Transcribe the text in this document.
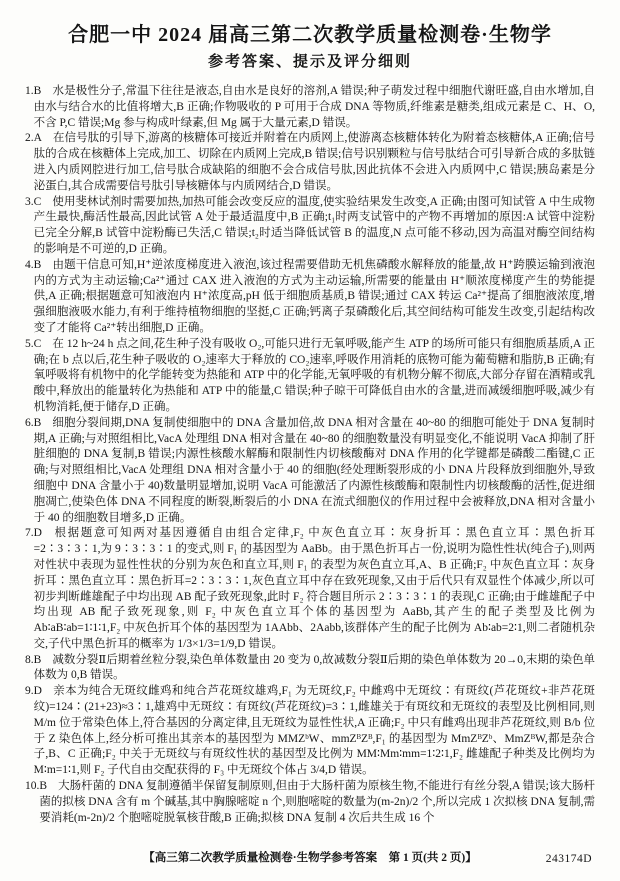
合肥一中 2024 届高三第二次教学质量检测卷·生物学
参考答案、提示及评分细则
1. B 水是极性分子,常温下往往是液态,自由水是良好的溶剂,A 错误;种子萌发过程中细胞代谢旺盛,自由水增加,自由水与结合水的比值将增大,B 正确;作物吸收的 P 可用于合成 DNA 等物质,纤维素是糖类,组成元素是 C、H、O,不含 P,C 错误;Mg 参与构成叶绿素,但 Mg 属于大量元素,D 错误。
2. A 在信号肽的引导下,游离的核糖体可接近并附着在内质网上,使游离态核糖体转化为附着态核糖体,A 正确;信号肽的合成在核糖体上完成,加工、切除在内质网上完成,B 错误;信号识别颗粒与信号肽结合可引导新合成的多肽链进入内质网腔进行加工,信号肽合成缺陷的细胞不会合成信号肽,因此抗体不会进入内质网中,C 错误;胰岛素是分泌蛋白,其合成需要信号肽引导核糖体与内质网结合,D 错误。
3. C 使用斐林试剂时需要加热,加热可能会改变反应的温度,使实验结果发生改变,A 正确;由图可知试管 A 中生成物产生最快,酶活性最高,因此试管 A 处于最适温度中,B 正确;t₁时两支试管中的产物不再增加的原因:A 试管中淀粉已完全分解,B 试管中淀粉酶已失活,C 错误;t₂时适当降低试管 B 的温度,N 点可能不移动,因为高温对酶空间结构的影响是不可逆的,D 正确。
4. B 由题干信息可知,H⁺逆浓度梯度进入液泡,该过程需要借助无机焦磷酸水解释放的能量,故 H⁺跨膜运输到液泡内的方式为主动运输;Ca²⁺通过 CAX 进入液泡的方式为主动运输,所需要的能量由 H⁺顺浓度梯度产生的势能提供,A 正确;根据题意可知液泡内 H⁺浓度高,pH 低于细胞质基质,B 错误;通过 CAX 转运 Ca²⁺提高了细胞液浓度,增强细胞液吸水能力,有利于维持植物细胞的坚挺,C 正确;钙离子泵磷酸化后,其空间结构可能发生改变,引起结构改变了才能将 Ca²⁺转出细胞,D 正确。
5. C 在 12 h~24 h 点之间,花生种子没有吸收 O₂,可能只进行无氧呼吸,能产生 ATP 的场所可能只有细胞质基质,A 正确;在 b 点以后,花生种子吸收的 O₂速率大于释放的 CO₂速率,呼吸作用消耗的底物可能为葡萄糖和脂肪,B 正确;有氧呼吸将有机物中的化学能转变为热能和 ATP 中的化学能,无氧呼吸的有机物分解不彻底,大部分存留在酒精或乳酸中,释放出的能量转化为热能和 ATP 中的能量,C 错误;种子晾干可降低自由水的含量,进而减缓细胞呼吸,减少有机物消耗,便于储存,D 正确。
6. B 细胞分裂间期,DNA 复制使细胞中的 DNA 含量加倍,故 DNA 相对含量在 40~80 的细胞可能处于 DNA 复制时期,A 正确;与对照组相比,VacA 处理组 DNA 相对含量在 40~80 的细胞数量没有明显变化,不能说明 VacA 抑制了肝脏细胞的 DNA 复制,B 错误;内源性核酸水解酶和限制性内切核酸酶对 DNA 作用的化学键都是磷酸二酯键,C 正确;与对照组相比,VacA 处理组 DNA 相对含量小于 40 的细胞(经处理断裂形成的小 DNA 片段释放到细胞外,导致细胞中 DNA 含量小于 40)数量明显增加,说明 VacA 可能激活了内源性核酸酶和限制性内切核酸酶的活性,促进细胞凋亡,使染色体 DNA 不同程度的断裂,断裂后的小 DNA 在流式细胞仪的作用过程中会被释放,DNA 相对含量小于 40 的细胞数目增多,D 正确。
7. D 根据题意可知两对基因遵循自由组合定律,F₂ 中灰色直立耳∶灰身折耳∶黑色直立耳∶黑色折耳=2∶3∶3∶1,为 9∶3∶3∶1 的变式,则 F₁ 的基因型为 AaBb。由于黑色折耳占一份,说明为隐性性状(纯合子),则两对性状中表现为显性性状的分别为灰色和直立耳,则 F₁ 的表型为灰色直立耳,A、B 正确;F₂ 中灰色直立耳∶灰身折耳∶黑色直立耳∶黑色折耳=2∶3∶3∶1,灰色直立耳中存在致死现象,又由于后代只有双显性个体减少,所以可初步判断雌雄配子中均出现 AB 配子致死现象,此时 F₂ 符合题目所示 2∶3∶3∶1 的表现,C 正确;由于雌雄配子中均出现 AB 配子致死现象,则 F₂ 中灰色直立耳个体的基因型为 AaBb,其产生的配子类型及比例为 Ab∶aB∶ab=1∶1∶1,F₂ 中灰色折耳个体的基因型为 1AAbb、2Aabb,该群体产生的配子比例为 Ab∶ab=2∶1,则二者随机杂交,子代中黑色折耳的概率为 1/3×1/3=1/9,D 错误。
8. B 减数分裂Ⅱ后期着丝粒分裂,染色单体数量由 20 变为 0,故减数分裂Ⅱ后期的染色单体数为 20→0,末期的染色单体数为 0,B 错误。
9. D 亲本为纯合无斑纹雌鸡和纯合芦花斑纹雄鸡,F₁ 为无斑纹,F₂ 中雌鸡中无斑纹∶有斑纹(芦花斑纹+非芦花斑纹)=124∶(21+23)≈3∶1,雄鸡中无斑纹∶有斑纹(芦花斑纹)=3∶1,雌雄关于有斑纹和无斑纹的表型及比例相同,则 M/m 位于常染色体上,符合基因的分离定律,且无斑纹为显性性状,A 正确;F₂ 中只有雌鸡出现非芦花斑纹,则 B/b 位于 Z 染色体上,经分析可推出其亲本的基因型为 MMZᵇW、mmZᴮZᴮ,F₁ 的基因型为 MmZᴮZᵇ、MmZᴮW,都是杂合子,B、C 正确;F₂ 中关于无斑纹与有斑纹性状的基因型及比例为 MM∶Mm∶mm=1∶2∶1,F₂ 雌雄配子种类及比例均为 M∶m=1∶1,则 F₂ 子代自由交配获得的 F₃ 中无斑纹个体占 3/4,D 错误。
10. B 大肠杆菌的 DNA 复制遵循半保留复制原则,但由于大肠杆菌为原核生物,不能进行有丝分裂,A 错误;该大肠杆菌的拟核 DNA 含有 m 个碱基,其中胸腺嘧啶 n 个,则胞嘧啶的数量为(m-2n)/2 个,所以完成 1 次拟核 DNA 复制,需要消耗(m-2n)/2 个胞嘧啶脱氧核苷酸,B 正确;拟核 DNA 复制 4 次后共生成 16 个
【高三第二次教学质量检测卷·生物学参考答案　第 1 页(共 2 页)】	243174D
